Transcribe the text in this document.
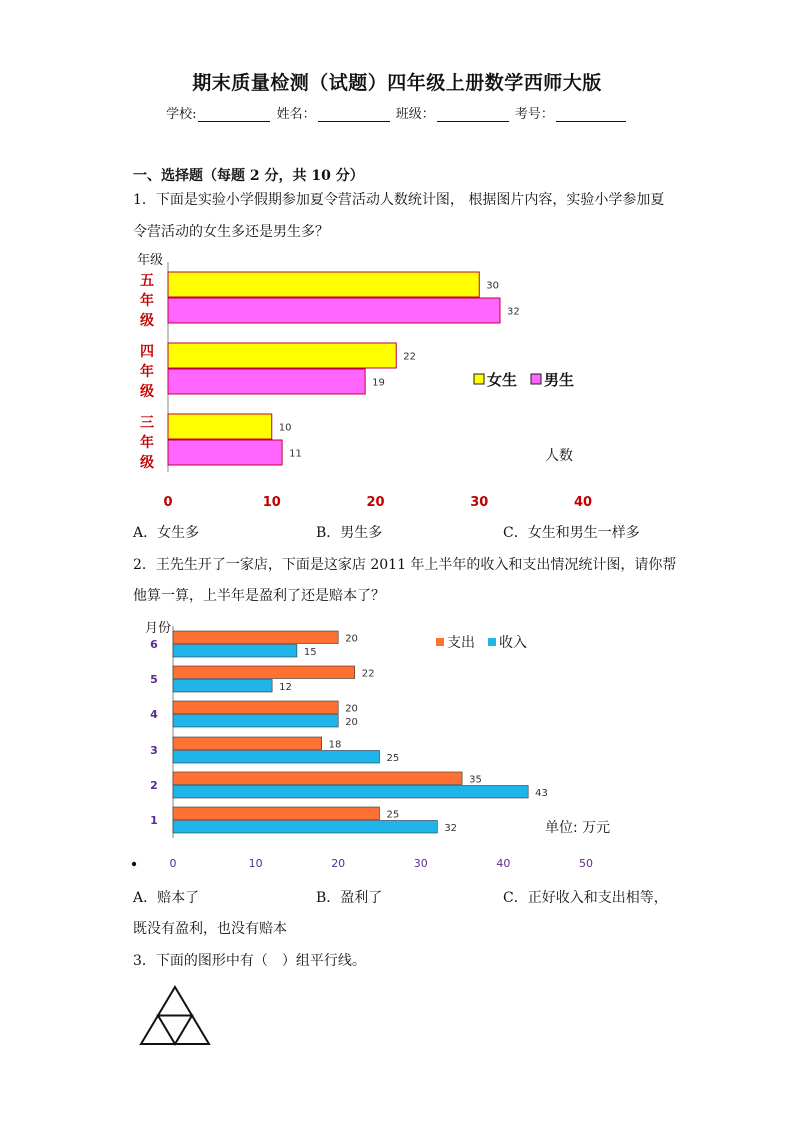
期末质量检测（试题）四年级上册数学西师大版
学校:	姓名：	班级：	考号：
一、选择题（每题 2 分，共 10 分）
1．下面是实验小学假期参加夏令营活动人数统计图， 根据图片内容，实验小学参加夏
令营活动的女生多还是男生多？
年级
30
32
五
年
级
22
19
四
年
级
10
11
三
年
级
0	10	20	30	40
人数
女生 男生
A．女生多	B．男生多	C．女生和男生一样多
2．王先生开了一家店，下面是这家店 2011 年上半年的收入和支出情况统计图，请你帮
他算一算，上半年是盈利了还是赔本了？
月份
20
15
6
22
12
5
20
20
4
18
25
3
35
43
2
25
32
1
0	10	20	30	40	50
单位: 万元
支出 收入
A．赔本了	B．盈利了	C．正好收入和支出相等，
既没有盈利，也没有赔本
3．下面的图形中有（　）组平行线。
